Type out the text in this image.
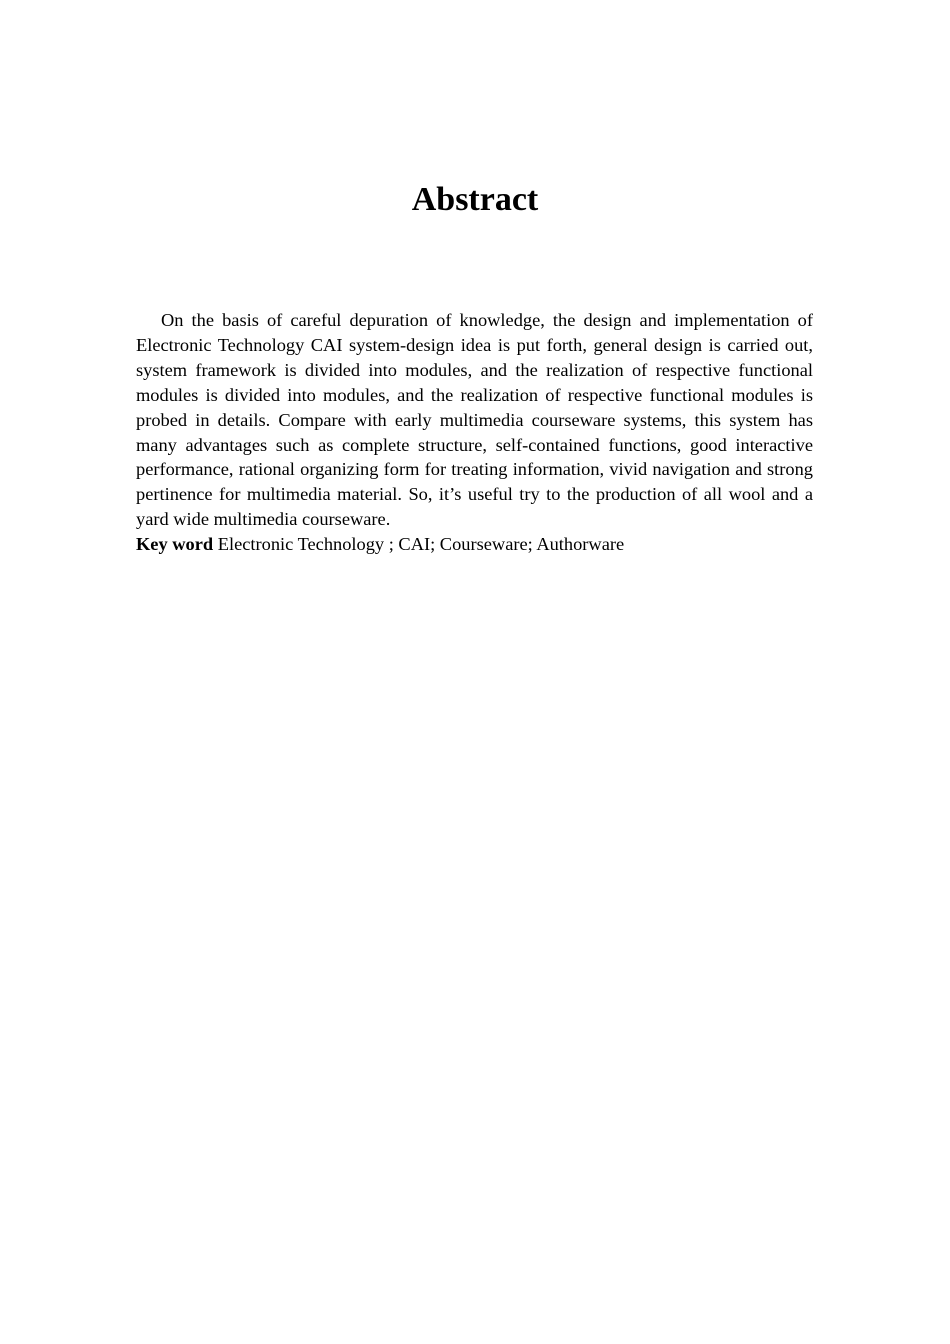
Abstract

On the basis of careful depuration of knowledge, the design and implementation of Electronic Technology CAI system-design idea is put forth, general design is carried out, system framework is divided into modules, and the realization of respective functional modules is divided into modules, and the realization of respective functional modules is probed in details. Compare with early multimedia courseware systems, this system has many advantages such as complete structure, self-contained functions, good interactive performance, rational organizing form for treating information, vivid navigation and strong pertinence for multimedia material. So, it’s useful try to the production of all wool and a yard wide multimedia courseware.

Key word Electronic Technology ; CAI; Courseware; Authorware
